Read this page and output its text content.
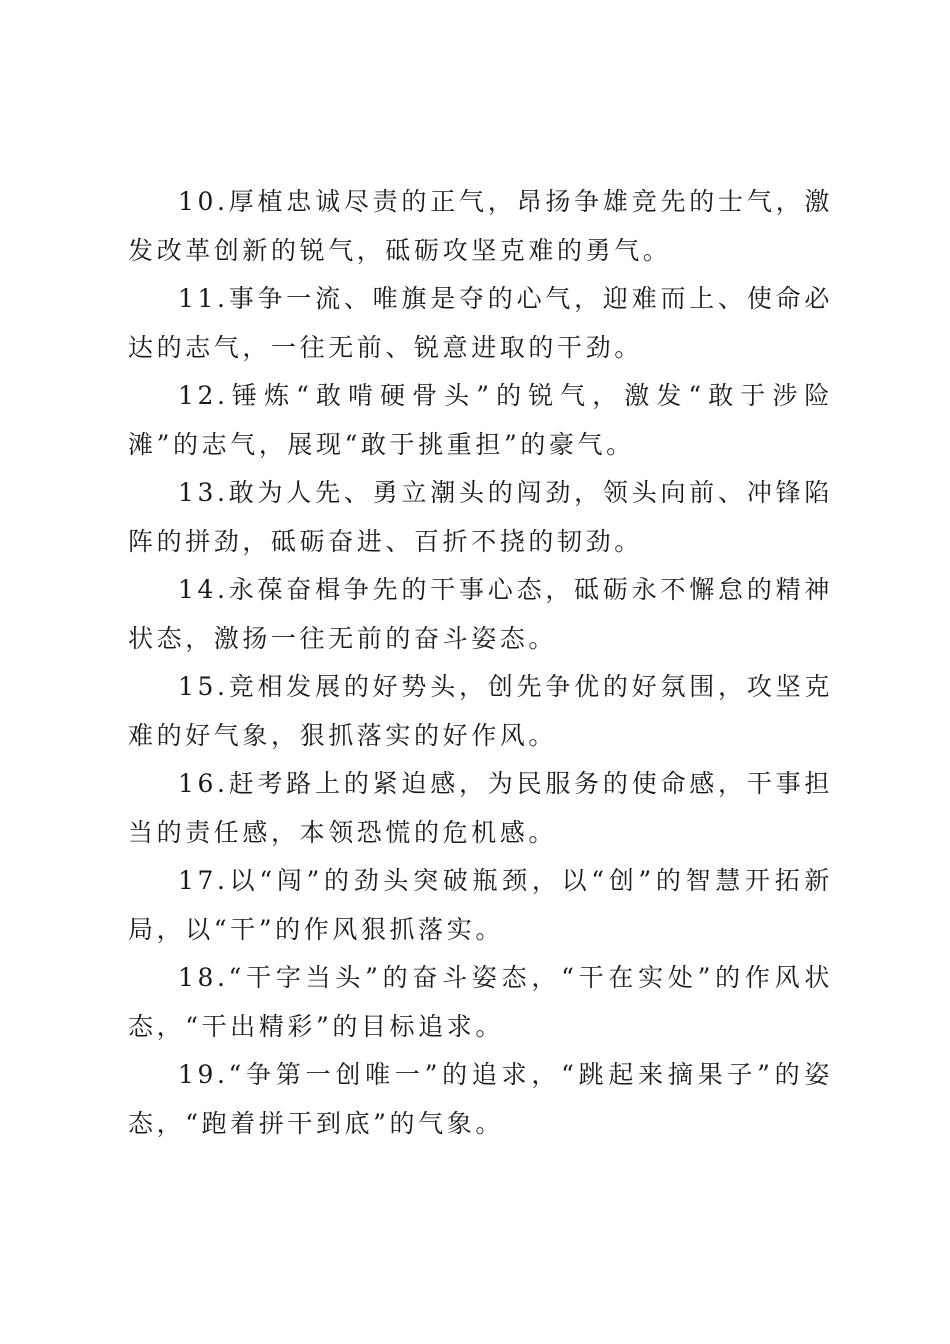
10.厚植忠诚尽责的正气，昂扬争雄竞先的士气，激发改革创新的锐气，砥砺攻坚克难的勇气。

11.事争一流、唯旗是夺的心气，迎难而上、使命必达的志气，一往无前、锐意进取的干劲。

12.锤炼“敢啃硬骨头”的锐气，激发“敢于涉险滩”的志气，展现“敢于挑重担”的豪气。

13.敢为人先、勇立潮头的闯劲，领头向前、冲锋陷阵的拼劲，砥砺奋进、百折不挠的韧劲。

14.永葆奋楫争先的干事心态，砥砺永不懈怠的精神状态，激扬一往无前的奋斗姿态。

15.竞相发展的好势头，创先争优的好氛围，攻坚克难的好气象，狠抓落实的好作风。

16.赶考路上的紧迫感，为民服务的使命感，干事担当的责任感，本领恐慌的危机感。

17.以“闯”的劲头突破瓶颈，以“创”的智慧开拓新局，以“干”的作风狠抓落实。

18.“干字当头”的奋斗姿态，“干在实处”的作风状态，“干出精彩”的目标追求。

19.“争第一创唯一”的追求，“跳起来摘果子”的姿态，“跑着拼干到底”的气象。
